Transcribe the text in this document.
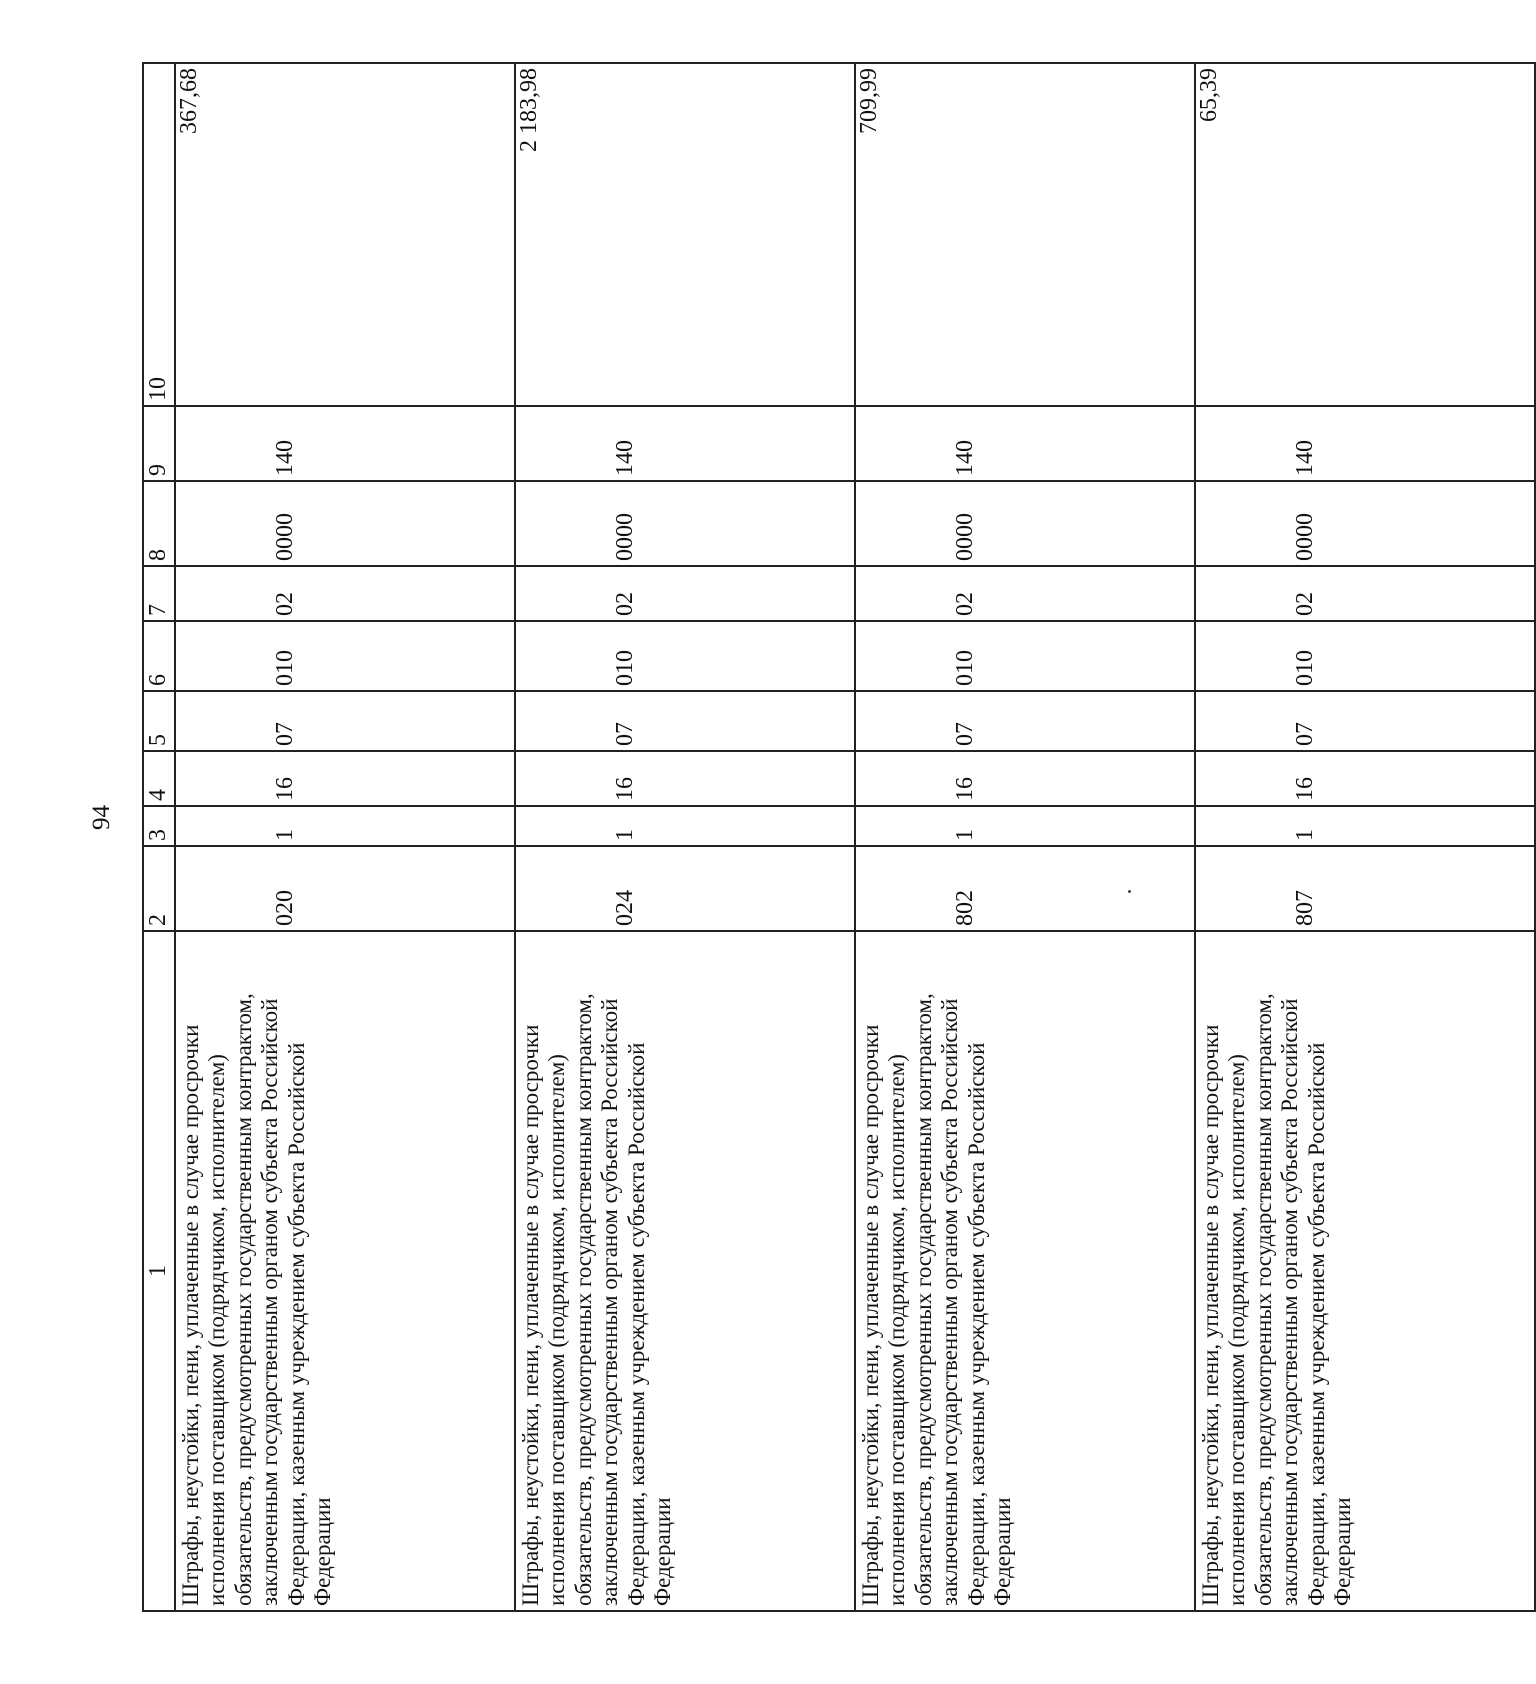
94
1	2	3	4	5	6	7	8	9	10
Штрафы, неустойки, пени, уплаченные в случае просрочки исполнения поставщиком (подрядчиком, исполнителем) обязательств, предусмотренных государственным контрактом, заключенным государственным органом субъекта Российской Федерации, казенным учреждением субъекта Российской Федерации	020	1	16	07	010	02	0000	140	367,68
Штрафы, неустойки, пени, уплаченные в случае просрочки исполнения поставщиком (подрядчиком, исполнителем) обязательств, предусмотренных государственным контрактом, заключенным государственным органом субъекта Российской Федерации, казенным учреждением субъекта Российской Федерации	024	1	16	07	010	02	0000	140	2 183,98
Штрафы, неустойки, пени, уплаченные в случае просрочки исполнения поставщиком (подрядчиком, исполнителем) обязательств, предусмотренных государственным контрактом, заключенным государственным органом субъекта Российской Федерации, казенным учреждением субъекта Российской Федерации	802	1	16	07	010	02	0000	140	709,99
Штрафы, неустойки, пени, уплаченные в случае просрочки исполнения поставщиком (подрядчиком, исполнителем) обязательств, предусмотренных государственным контрактом, заключенным государственным органом субъекта Российской Федерации, казенным учреждением субъекта Российской Федерации	807	1	16	07	010	02	0000	140	65,39
